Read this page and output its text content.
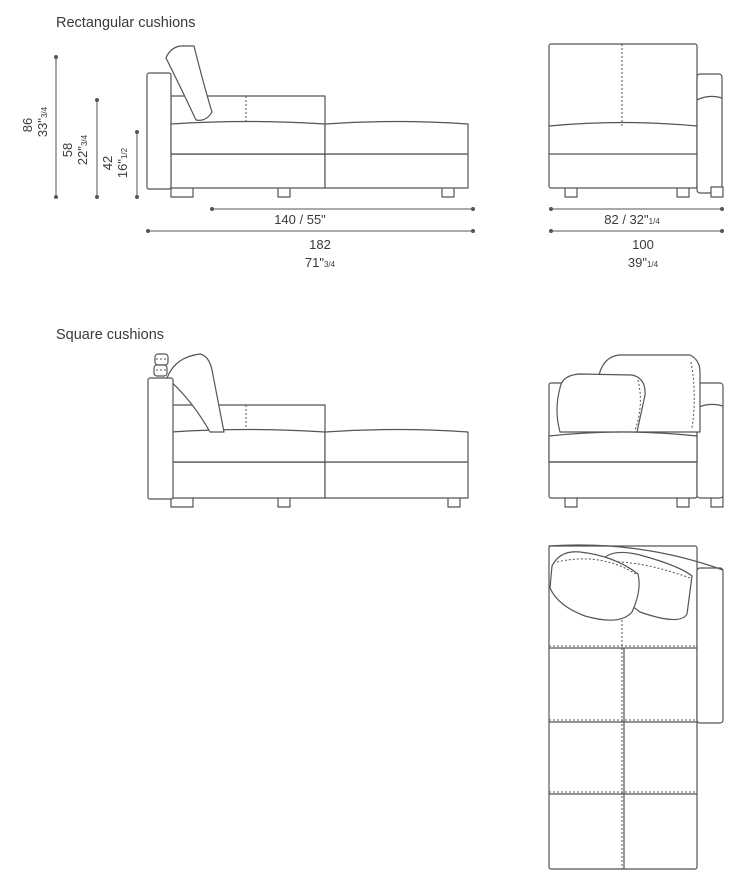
Rectangular cushions
Square cushions
86 33"3/4
58
22"3/4
42
16"1/2
140 / 55"
182
71"3/4
82 / 32"1/4
100
39"1/4
